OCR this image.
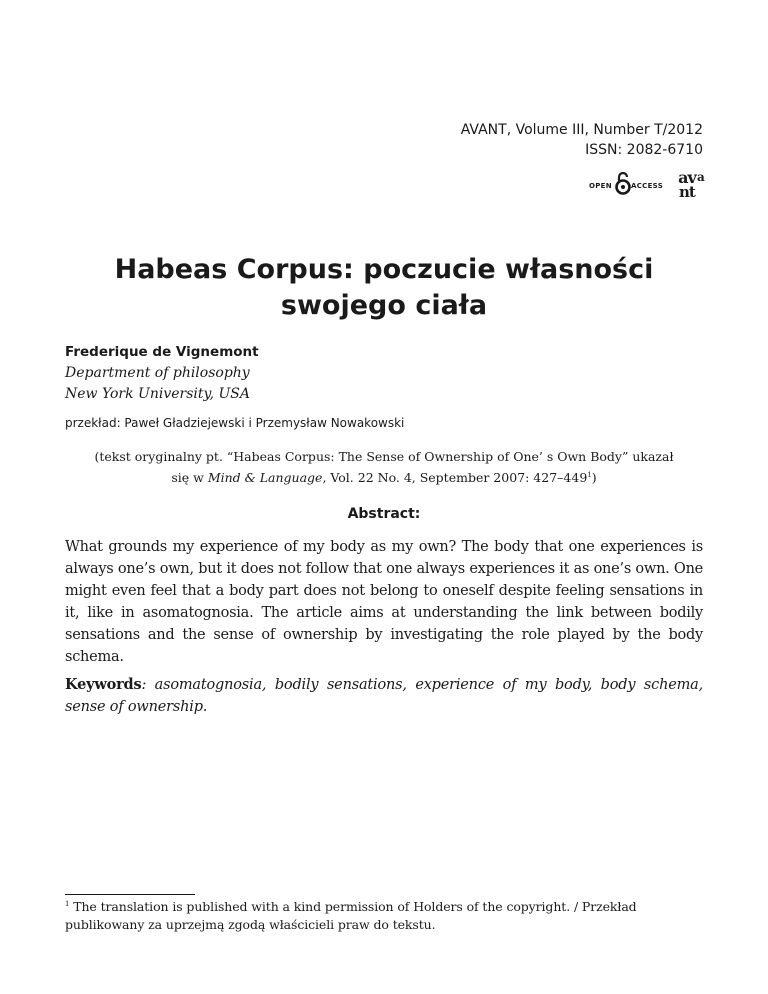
AVANT, Volume III, Number T/2012
ISSN: 2082-6710
OPEN	ACCESS av a
nt
Habeas Corpus: poczucie własności
swojego ciała
Frederique de Vignemont
Department of philosophy
New York University, USA
przekład: Paweł Gładziejewski i Przemysław Nowakowski
(tekst oryginalny pt. “Habeas Corpus: The Sense of Ownership of One’ s Own Body” ukazał
się w Mind & Language, Vol. 22 No. 4, September 2007: $427-449^1$)
Abstract:
What grounds my experience of my body as my own? The body that one experiences is always one’s own, but it does not follow that one always experiences it as one’s own. One might even feel that a body part does not belong to oneself despite feeling sensations in it, like in asomatognosia. The article aims at understanding the link between bodily sensations and the sense of ownership by investigating the role played by the body schema.
Keywords: asomatognosia, bodily sensations, experience of my body, body schema, sense of ownership.
$^1$ The translation is published with a kind permission of Holders of the copyright. / Przekład publikowany za uprzejmą zgodą właścicieli praw do tekstu.
